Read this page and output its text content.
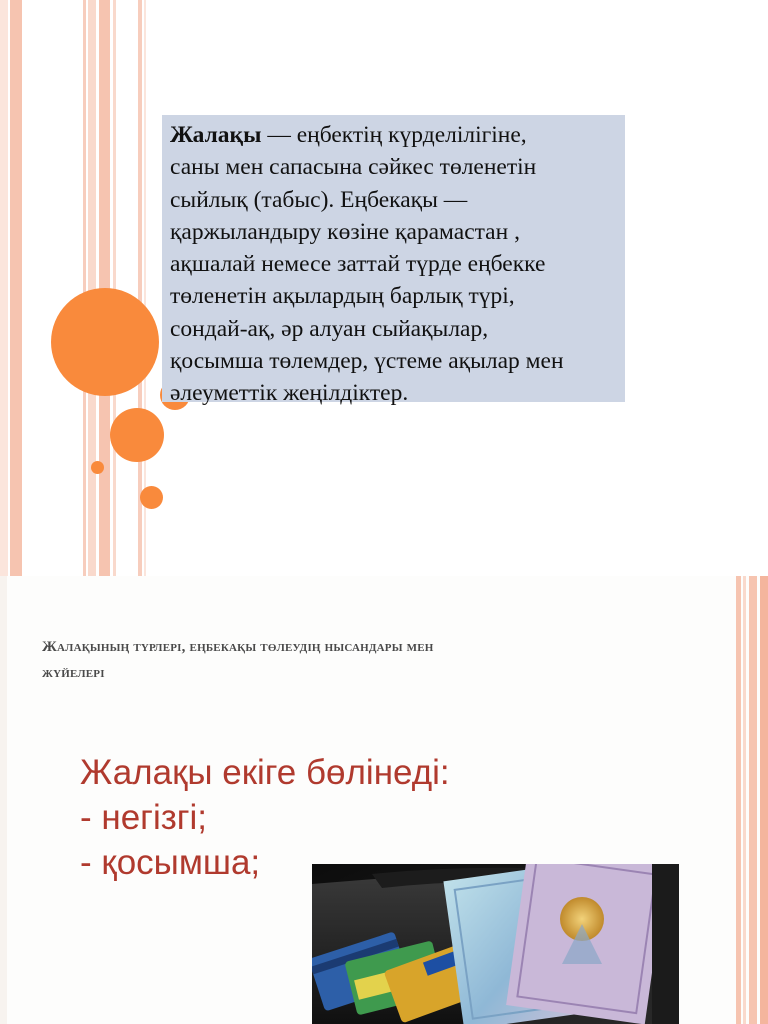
Жалақы — еңбектің күрделілігіне,
саны мен сапасына сәйкес төленетін
сыйлық (табыс). Еңбекақы —
қаржыландыру көзіне қарамастан ,
ақшалай немесе заттай түрде еңбекке
төленетін ақылардың барлық түрі,
сондай-ақ, әр алуан сыйақылар,
қосымша төлемдер, үстеме ақылар мен
әлеуметтік жеңілдіктер.
Жалақының түрлері, еңбекақы төлеудің нысандары мен
жүйелері
Жалақы екіге бөлінеді:
- негізгі;
- қосымша;
